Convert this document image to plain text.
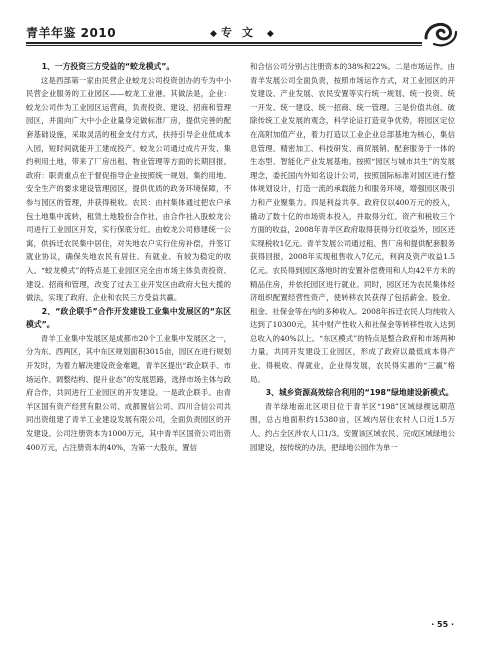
青羊年鉴 2010	◆ 专文 ◆

1、一方投资三方受益的“蛟龙模式”。

这是西部第一家由民营企业蛟龙公司投资创办的专为中小民营企业服务的工业园区——蛟龙工业港。其做法是，企业：蛟龙公司作为工业园区运营商，负责投资、建设、招商和管理园区，并面向广大中小企业量身定做标准厂房，提供完善的配套基础设施，采取灵活的租金支付方式，扶持引导企业低成本入园，短时间就能开工建成投产。蛟龙公司通过成片开发、集约利用土地，带来了厂房出租、物业管理等方面的长期回报。政府：职责重点在于督促指导企业按照统一规划、集约用地、安全生产的要求建设管理园区，提供优质的政务环境保障，不参与园区的管理，并获得税收。农民：由村集体通过把农户承包土地集中流转，租赁土地股份合作社，由合作社入股蛟龙公司进行工业园区开发，实行保底分红。由蛟龙公司修建统一公寓，供拆迁农民集中居住，对失地农户实行住房补偿，并签订就业协议，确保失地农民有居住、有就业、有较为稳定的收入。“蛟龙模式”的特点是工业园区完全由市场主体负责投资、建设、招商和管理，改变了过去工业开发区由政府大包大揽的做法，实现了政府、企业和农民三方受益共赢。

2、“政企联手”合作开发建设工业集中发展区的“东区模式”。

青羊工业集中发展区是成都市20个工业集中发展区之一，分为东、西两区，其中东区规划面积3015亩，园区在进行规划开发时，为着力解决建设资金难题，青羊区提出“政企联手、市场运作、调整结构、提升业态”的发展思路，选择市场主体与政府合作，共同进行工业园区的开发建设。一是政企联手。由青羊区国有资产经营有限公司、成都置信公司、四川合信公司共同出资组建了青羊工业建设发展有限公司，全面负责园区的开发建设。公司注册资本为1000万元，其中青羊区国资公司出资400万元，占注册资本的40%，为第一大股东，置信

和合信公司分别占注册资本的38%和22%。二是市场运作。由青羊发展公司全面负责，按照市场运作方式，对工业园区的开发建设、产业发展、农民安置等实行统一规划、统一投资、统一开发、统一建设、统一招商、统一管理。三是价值共创。破除传统工业发展的观念，科学论证打造竞争优势，将园区定位在高附加值产业，着力打造以工业企业总部基地为核心，集信息管理、精密加工、科技研发、商贸展销、配套服务于一体的生态型、智能化产业发展基地。按照“园区与城市共生”的发展理念，委托国内外知名设计公司，按照国际标准对园区进行整体规划设计，打造一流的承载能力和服务环境，增强园区吸引力和产业聚集力。四是利益共享。政府仅以400万元的投入，撬动了数十亿的市场资本投入，并取得分红、资产和税收三个方面的收益，2008年青羊区政府取得获得分红收益外，园区还实现税收1亿元。青羊发展公司通过租、售厂房和提供配套服务获得回报，2008年实现租售收入7亿元，利润及资产收益1.5亿元。农民得到园区落地时的安置补偿费用和人均42平方米的精品住房，并依托园区进行就业。同时，园区还为农民集体经济组织配置经营性资产，使转移农民获得了包括薪金、股金、租金、社保金等在内的多种收入。2008年拆迁农民人均纯收入达到了10300元，其中财产性收入和社保金等转移性收入达到总收入的40%以上。“东区模式”的特点是整合政府和市场两种力量，共同开发建设工业园区，形成了政府以最低成本得产业、得税收、得就业，企业得发展，农民得实惠的“三赢”格局。

3、城乡资源高效综合利用的“198”绿地建设新模式。

青羊绿地南北区项目位于青羊区“198”区域绿楔远期范围，总占地面积约15380亩，区域内居住农村人口近1.5万人、约占全区涉农人口1/3。安置该区域农民、完成区域绿地公园建设，按传统的办法，把绿地公园作为单一

· 55 ·
